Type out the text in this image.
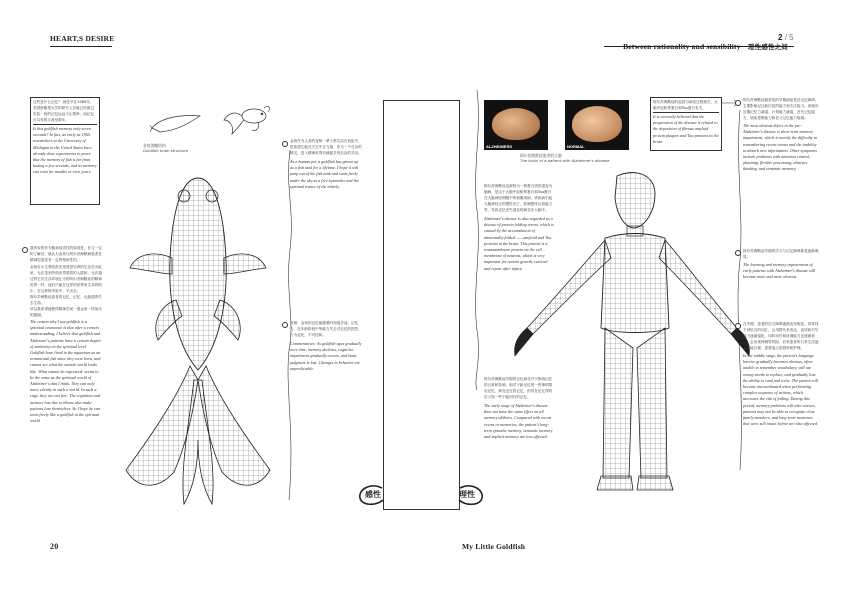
HEART,S DESIRE
Between rationality and sensibility 理性感性之间
2 / 5
20	My Little Goldfish
这些是什么记忆？ 就在早在1965年，美国密歇根大学的研究人员就已经做过实验：鱼的记忆远远不止数秒，而记忆可以有数月甚至数年。
Is this goldfish memory only seven seconds? In fact, as early as 1965, researchers at the University of Michigan in the United States have already done experiments to prove that the memory of fish is far from lasting a few seconds, and its memory can exist for months or even years.
我所说的作为精神同类性的原因是，在与一定的了解后，就认为金鱼与阿尔茨海默病患者在精神层面是有一定的相似性的。
金鱼在水生观赏鱼类里面是培养的生活在水缸里，无法见到外面世界看着的人群和，无法通过的它们生存环境让为的阿尔茨海默症的精神世界一样，他们只能在这样的世界里生存的阿尔，在这种阿甲里中，不出去。
阿尔茨海默症患者的记忆、记忆、也能透着失去生命。
所以我希望能使得精神空间一展金鱼一样治乐的感谢。
The reason why I say goldfish is a spiritual resonance is that after a certain understanding, I believe that goldfish and Alzheimer's patients have a certain degree of similarity on the spiritual level. Goldfish have lived in the aquarium as an ornamental fish since they were born, and cannot see what the outside world looks like. What cannot be expressed: seems to be the same as the spiritual world of Alzheimer's that I think. They can only move silently in such a world. In such a cage, they are not free. The cognition and memory lost due to illness also make patients lose themselves. So I hope he can seem freely like a goldfish in the spiritual world
金鱼的鳃结构
Goldfish brain structure
金鱼作为人类的宠物一辈子都生活在鱼缸中，很希望它能在天空中去飞翔，作为一个自由的精灵，进入精神世界后就能享受自由的灵动。
As a human pet, a goldfish has grown up as a fish tank for a lifetime. I hope it will jump out of the fish tank and swim freely under the sky as a free bystander and the spiritual trance of the elderly.
对照：金鱼的记忆能随着时间退步而，记忆力，在年龄阶段中等能力失去对记忆的把控，行为变化，不可控和。
Commentaries: As goldfish ages gradually over time, memory declines, cognitive impairment gradually occurs, and basic judgment is lost. Changes in behavior are unpredictable.
感性	理性
ALZHEIMERS	NORMAL
阿尔茨海默症患者的大脑
The brain of a patient with Alzheimer's disease
阿尔茨海默症也被称为一种蛋白质的退变为脑病，是由于大脑中淀粉样蛋白和Tau蛋白在大脑神经细胞中的积累成病，该疾病引起大脑神经元的慢性死亡，影响整体认知能力等，导致记忆丧失退化的病变在大脑中。
Alzheimer's disease is also regarded as a disease of protein folding errors, which is caused by the accumulation of abnormally folded ——amyloid and Tau proteins in the brain. This protein is a transmembrane protein on the cell membrane of neurons, which is very important for neuron growth, survival and repair after injury.
阿尔茨海默症早期的记忆病变并不影响记忆的日常和影响，相对于新记忆的一些事情情况记忆，病变也在将记忆，但仍在记忆得的语义如一些不能回归的记忆。
The early stage of Alzheimer's disease does not have the same effect on all memory abilities. Compared with recent events or memories, the patient's long-term episodic memory, semantic memory and implicit memory are less affected.
阿尔茨海默症的起因与病变过程相关，大脑中淀粉样蛋白和Tau蛋白有关。
It is currently believed that the progression of the disease is related to the deposition of fibrous amyloid protein plaques and Tau proteins in the brain.
阿尔茨海默症最常见的早期病症是近记忆障碍，主要影响记住新信息的能力和专注能力。表现出近期记忆力减退，计划能力减退，丧失记忆能力，抽象思维能力和语义记忆能力衰减。
The most obvious defect in the pre-Alzheimer's disease is short-term memory impairment, which is mainly the difficulty in remembering recent events and the inability to absorb new information. Other symptoms include problems with attention control, planning, flexible processing, abstract thinking, and semantic memory.
阿尔茨海默症早期的学习与记忆障碍都是逐渐明显。
The learning and memory impairments of early patients with Alzheimer's disease will become more and more obvious.
在中期，患者的语言障碍逐渐变得明显。常常找不到恰当的词汇，会用替代来表达，说话和书写能力逐渐退化，同时动作和协调能力也逐渐衰退，会出现摔倒等风险，后来患者的日常生活逐渐不能自理，需要他人的照料和护理。
In the middle stage, the patient's language barrier gradually becomes obvious, often unable to remember vocabulary, will use wrong words to replace, and gradually lose the ability to read and write. The patient will become uncoordinated when performing complex sequence of actions, which increases the risk of falling. During this period, memory problems will also worsen, patients may not be able to recognize close family members, and long-term memories that were still intact before are also affected.
